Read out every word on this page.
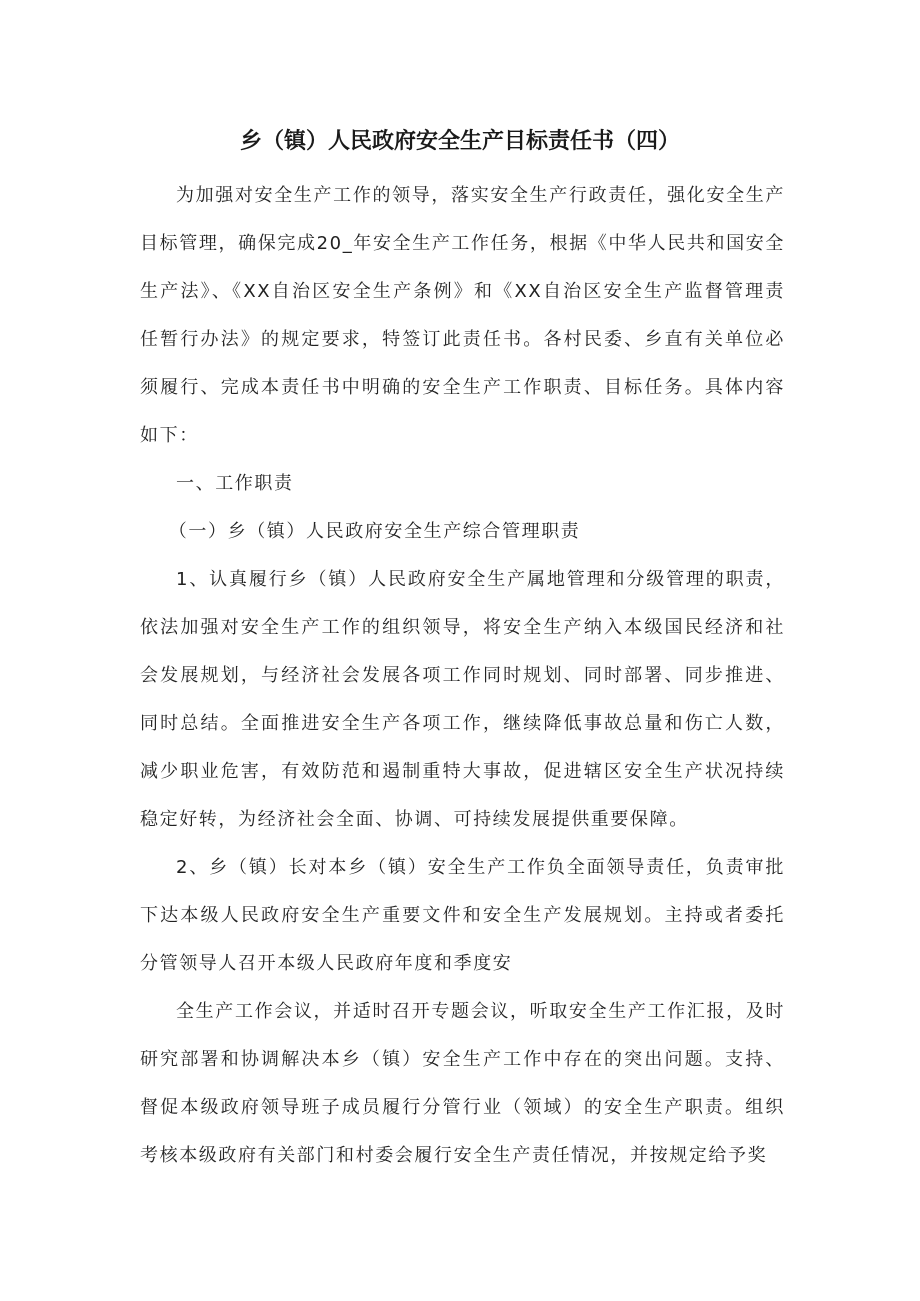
乡（镇）人民政府安全生产目标责任书（四）

为加强对安全生产工作的领导，落实安全生产行政责任，强化安全生产目标管理，确保完成20_年安全生产工作任务，根据《中华人民共和国安全生产法》、《XX自治区安全生产条例》和《XX自治区安全生产监督管理责任暂行办法》的规定要求，特签订此责任书。各村民委、乡直有关单位必须履行、完成本责任书中明确的安全生产工作职责、目标任务。具体内容如下：

一、工作职责

（一）乡（镇）人民政府安全生产综合管理职责

1、认真履行乡（镇）人民政府安全生产属地管理和分级管理的职责，依法加强对安全生产工作的组织领导，将安全生产纳入本级国民经济和社会发展规划，与经济社会发展各项工作同时规划、同时部署、同步推进、同时总结。全面推进安全生产各项工作，继续降低事故总量和伤亡人数，减少职业危害，有效防范和遏制重特大事故，促进辖区安全生产状况持续稳定好转，为经济社会全面、协调、可持续发展提供重要保障。

2、乡（镇）长对本乡（镇）安全生产工作负全面领导责任，负责审批下达本级人民政府安全生产重要文件和安全生产发展规划。主持或者委托分管领导人召开本级人民政府年度和季度安

全生产工作会议，并适时召开专题会议，听取安全生产工作汇报，及时研究部署和协调解决本乡（镇）安全生产工作中存在的突出问题。支持、督促本级政府领导班子成员履行分管行业（领域）的安全生产职责。组织考核本级政府有关部门和村委会履行安全生产责任情况，并按规定给予奖
